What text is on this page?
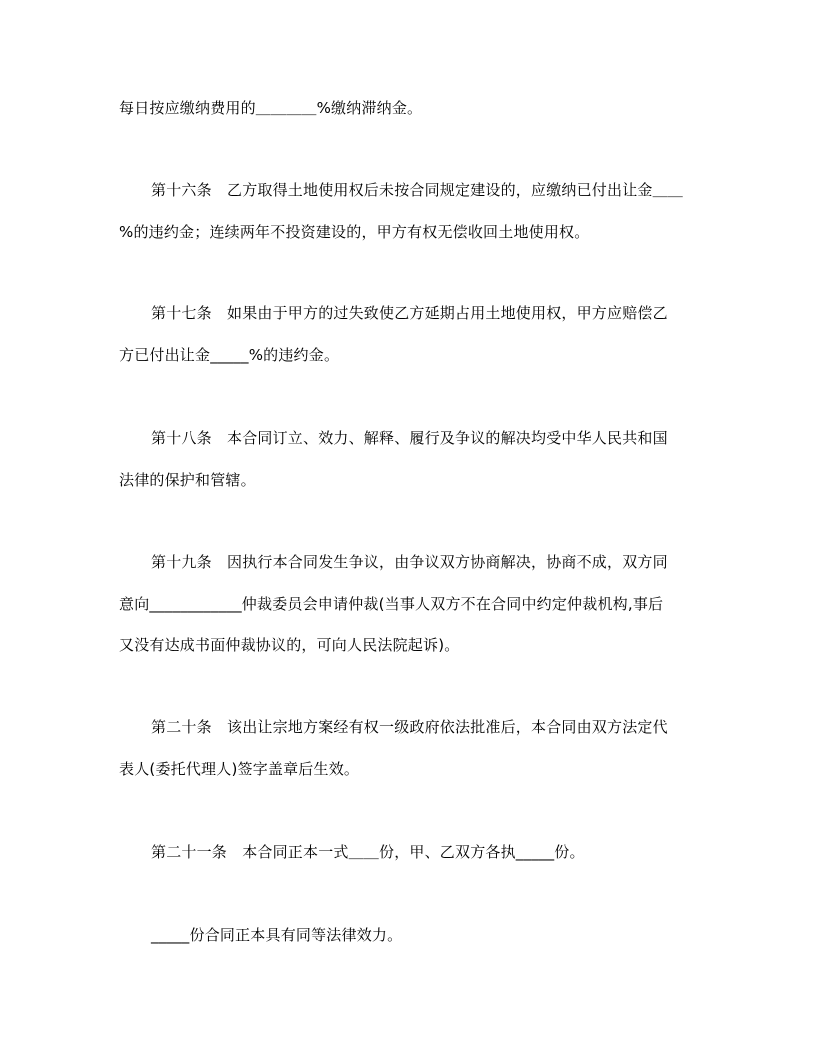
每日按应缴纳费用的＿＿＿＿%缴纳滞纳金。
第十六条　乙方取得土地使用权后未按合同规定建设的，应缴纳已付出让金＿＿
%的违约金；连续两年不投资建设的，甲方有权无偿收回土地使用权。
第十七条　如果由于甲方的过失致使乙方延期占用土地使用权，甲方应赔偿乙
方已付出让金_____%的违约金。
第十八条　本合同订立、效力、解释、履行及争议的解决均受中华人民共和国
法律的保护和管辖。
第十九条　因执行本合同发生争议，由争议双方协商解决，协商不成，双方同
意向____________仲裁委员会申请仲裁(当事人双方不在合同中约定仲裁机构,事后
又没有达成书面仲裁协议的，可向人民法院起诉)。
第二十条　该出让宗地方案经有权一级政府依法批准后，本合同由双方法定代
表人(委托代理人)签字盖章后生效。
第二十一条　本合同正本一式＿＿份，甲、乙双方各执_____份。
_____份合同正本具有同等法律效力。
